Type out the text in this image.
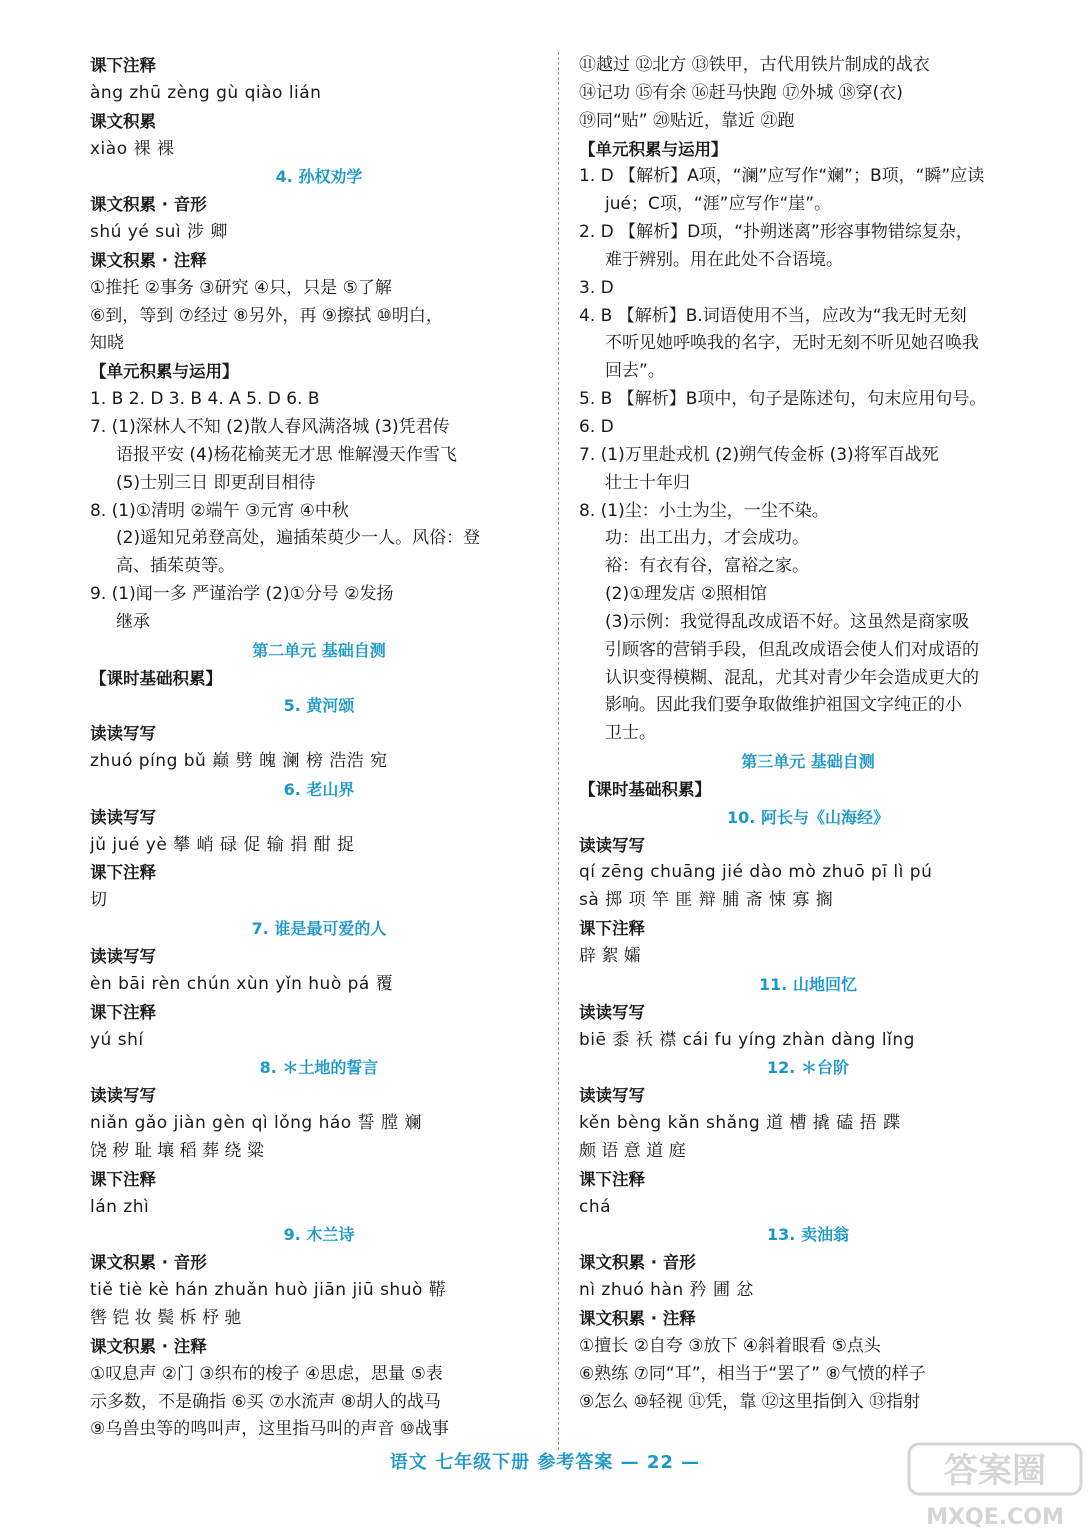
课下注释
àng zhū zèng gù qiào lián
课文积累
xiào 裸 裸
4. 孙权劝学
课文积累 · 音形
shú yé suì 涉 卿
课文积累 · 注释
①推托 ②事务 ③研究 ④只，只是 ⑤了解
⑥到，等到 ⑦经过 ⑧另外，再 ⑨擦拭 ⑩明白，
知晓
【单元积累与运用】
1. B 2. D 3. B 4. A 5. D 6. B
7. (1)深林人不知 (2)散人春风满洛城 (3)凭君传
语报平安 (4)杨花榆荚无才思 惟解漫天作雪飞
(5)士别三日 即更刮目相待
8. (1)①清明 ②端午 ③元宵 ④中秋
(2)遥知兄弟登高处，遍插茱萸少一人。风俗：登
高、插茱萸等。
9. (1)闻一多 严谨治学 (2)①分号 ②发扬
继承
第二单元 基础自测
【课时基础积累】
5. 黄河颂
读读写写
zhuó píng bǔ 巅 劈 魄 澜 榜 浩浩 宛
6. 老山界
读读写写
jǔ jué yè 攀 峭 碌 促 输 捐 酣 捉
课下注释
切
7. 谁是最可爱的人
读读写写
èn bāi rèn chún xùn yǐn huò pá 覆
课下注释
yú shí
8. ＊土地的誓言
读读写写
niǎn gǎo jiàn gèn qì lǒng háo 誓 膛 斓
饶 秽 耻 壤 稻 葬 绕 粱
课下注释
lán zhì
9. 木兰诗
课文积累 · 音形
tiě tiè kè hán zhuǎn huò jiān jiū shuò 鞯
辔 铠 妆 鬓 柝 杼 驰
课文积累 · 注释
①叹息声 ②门 ③织布的梭子 ④思虑，思量 ⑤表
示多数，不是确指 ⑥买 ⑦水流声 ⑧胡人的战马
⑨乌兽虫等的鸣叫声，这里指马叫的声音 ⑩战事
⑪越过 ⑫北方 ⑬铁甲，古代用铁片制成的战衣
⑭记功 ⑮有余 ⑯赶马快跑 ⑰外城 ⑱穿(衣)
⑲同“贴” ⑳贴近，靠近 ㉑跑
【单元积累与运用】
1. D 【解析】A项，“澜”应写作“斓”；B项，“瞬”应读
jué；C项，“涯”应写作“崖”。
2. D 【解析】D项，“扑朔迷离”形容事物错综复杂，
难于辨别。用在此处不合语境。
3. D
4. B 【解析】B.词语使用不当，应改为“我无时无刻
不听见她呼唤我的名字，无时无刻不听见她召唤我
回去”。
5. B 【解析】B项中，句子是陈述句，句末应用句号。
6. D
7. (1)万里赴戎机 (2)朔气传金柝 (3)将军百战死
壮士十年归
8. (1)尘：小土为尘，一尘不染。
功：出工出力，才会成功。
裕：有衣有谷，富裕之家。
(2)①理发店 ②照相馆
(3)示例：我觉得乱改成语不好。这虽然是商家吸
引顾客的营销手段，但乱改成语会使人们对成语的
认识变得模糊、混乱，尤其对青少年会造成更大的
影响。因此我们要争取做维护祖国文字纯正的小
卫士。
第三单元 基础自测
【课时基础积累】
10. 阿长与《山海经》
读读写写
qí zēng chuāng jié dào mò zhuō pī lì pú
sà 掷 项 竿 匪 辩 脯 斋 悚 寡 搁
课下注释
辟 絮 孀
11. 山地回忆
读读写写
biē 黍 袄 襟 cái fu yíng zhàn dàng lǐng
12. ＊台阶
读读写写
kěn bèng kǎn shǎng 道 槽 撬 磕 捂 蹀
颇 语 意 道 庭
课下注释
chá
13. 卖油翁
课文积累 · 音形
nì zhuó hàn 矜 圃 忿
课文积累 · 注释
①擅长 ②自夸 ③放下 ④斜着眼看 ⑤点头
⑥熟练 ⑦同“耳”，相当于“罢了” ⑧气愤的样子
⑨怎么 ⑩轻视 ⑪凭，靠 ⑫这里指倒入 ⑬指射
语文 七年级下册 参考答案 — 22 —	答案圈
MXQE.COM
